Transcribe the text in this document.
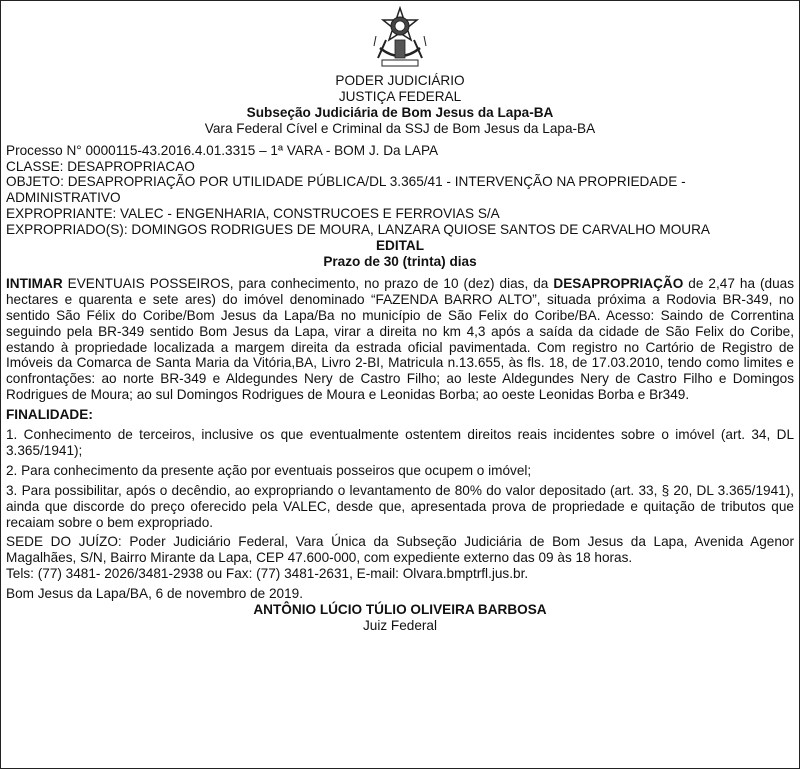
PODER JUDICIÁRIO
JUSTIÇA FEDERAL
Subseção Judiciária de Bom Jesus da Lapa-BA
Vara Federal Cível e Criminal da SSJ de Bom Jesus da Lapa-BA
Processo N° 0000115-43.2016.4.01.3315 – 1ª VARA - BOM J. Da LAPA
CLASSE: DESAPROPRIACAO
OBJETO: DESAPROPRIAÇÃO POR UTILIDADE PÚBLICA/DL 3.365/41 - INTERVENÇÃO NA PROPRIEDADE - ADMINISTRATIVO
EXPROPRIANTE: VALEC - ENGENHARIA, CONSTRUCOES E FERROVIAS S/A
EXPROPRIADO(S): DOMINGOS RODRIGUES DE MOURA, LANZARA QUIOSE SANTOS DE CARVALHO MOURA
EDITAL
Prazo de 30 (trinta) dias
INTIMAR EVENTUAIS POSSEIROS, para conhecimento, no prazo de 10 (dez) dias, da DESAPROPRIAÇÃO de 2,47 ha (duas hectares e quarenta e sete ares) do imóvel denominado “FAZENDA BARRO ALTO”, situada próxima a Rodovia BR-349, no sentido São Félix do Coribe/Bom Jesus da Lapa/Ba no município de São Felix do Coribe/BA. Acesso: Saindo de Correntina seguindo pela BR-349 sentido Bom Jesus da Lapa, virar a direita no km 4,3 após a saída da cidade de São Felix do Coribe, estando à propriedade localizada a margem direita da estrada oficial pavimentada. Com registro no Cartório de Registro de Imóveis da Comarca de Santa Maria da Vitória,BA, Livro 2-BI, Matricula n.13.655, às fls. 18, de 17.03.2010, tendo como limites e confrontações: ao norte BR-349 e Aldegundes Nery de Castro Filho; ao leste Aldegundes Nery de Castro Filho e Domingos Rodrigues de Moura; ao sul Domingos Rodrigues de Moura e Leonidas Borba; ao oeste Leonidas Borba e Br349.
FINALIDADE:
1. Conhecimento de terceiros, inclusive os que eventualmente ostentem direitos reais incidentes sobre o imóvel (art. 34, DL 3.365/1941);
2. Para conhecimento da presente ação por eventuais posseiros que ocupem o imóvel;
3. Para possibilitar, após o decêndio, ao expropriando o levantamento de 80% do valor depositado (art. 33, § 20, DL 3.365/1941), ainda que discorde do preço oferecido pela VALEC, desde que, apresentada prova de propriedade e quitação de tributos que recaiam sobre o bem expropriado.
SEDE DO JUÍZO: Poder Judiciário Federal, Vara Única da Subseção Judiciária de Bom Jesus da Lapa, Avenida Agenor Magalhães, S/N, Bairro Mirante da Lapa, CEP 47.600-000, com expediente externo das 09 às 18 horas.
Tels: (77) 3481- 2026/3481-2938 ou Fax: (77) 3481-2631, E-mail: Olvara.bmptrfl.jus.br.
Bom Jesus da Lapa/BA, 6 de novembro de 2019.
ANTÔNIO LÚCIO TÚLIO OLIVEIRA BARBOSA
Juiz Federal
